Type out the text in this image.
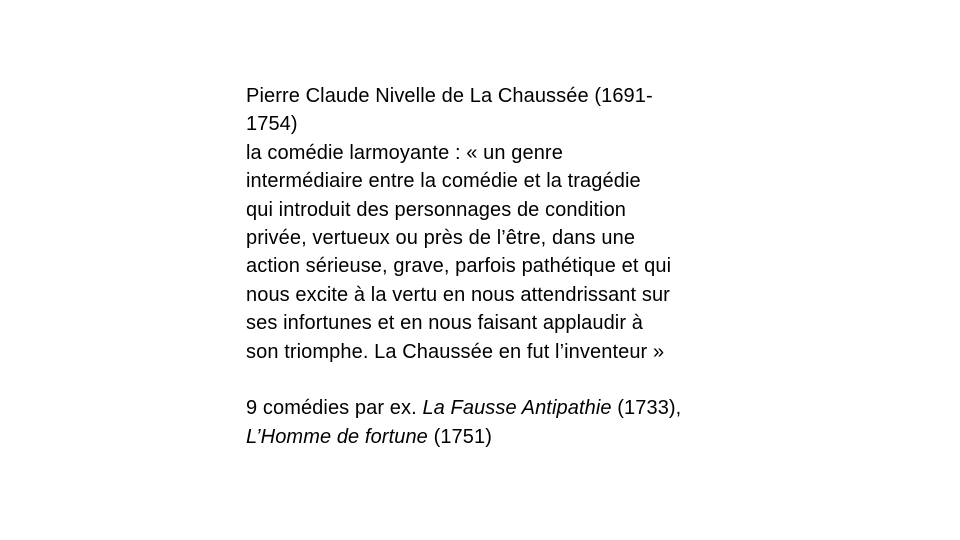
Pierre Claude Nivelle de La Chaussée (1691-
1754)
la comédie larmoyante : « un genre
intermédiaire entre la comédie et la tragédie
qui introduit des personnages de condition
privée, vertueux ou près de l’être, dans une
action sérieuse, grave, parfois pathétique et qui
nous excite à la vertu en nous attendrissant sur
ses infortunes et en nous faisant applaudir à
son triomphe. La Chaussée en fut l’inventeur »
9 comédies par ex. La Fausse Antipathie (1733),
L’Homme de fortune (1751)
